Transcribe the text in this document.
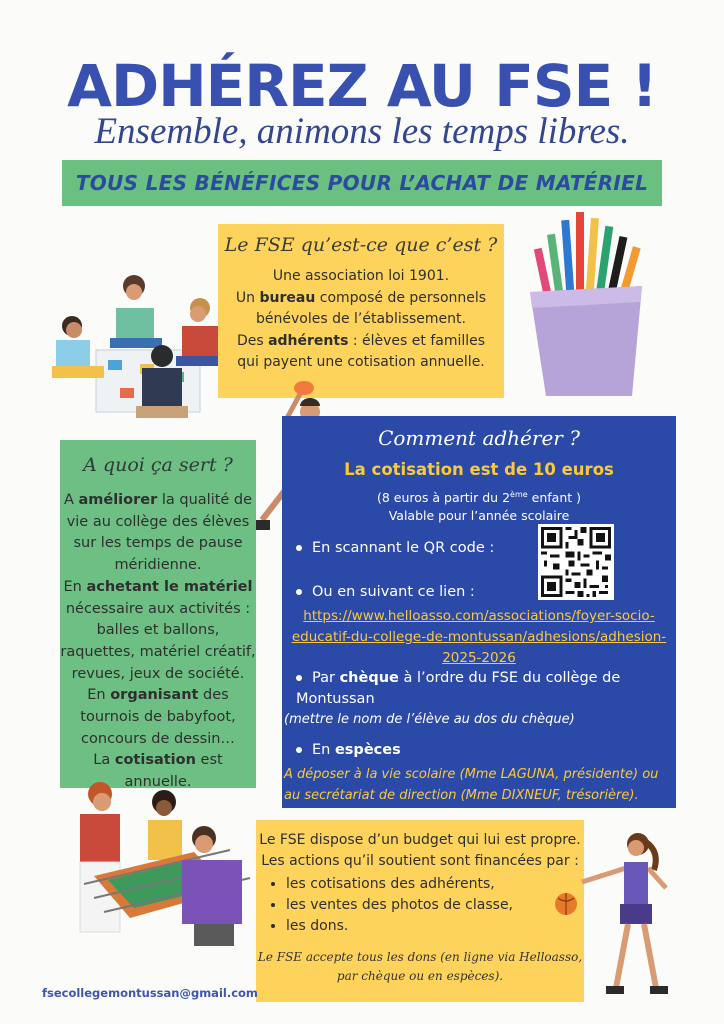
ADHÉREZ AU FSE !
Ensemble, animons les temps libres.
TOUS LES BÉNÉFICES POUR L’ACHAT DE MATÉRIEL
Le FSE qu’est-ce que c’est ?
Une association loi 1901.
Un bureau composé de personnels bénévoles de l’établissement.
Des adhérents : élèves et familles qui payent une cotisation annuelle.
A quoi ça sert ?
A améliorer la qualité de vie au collège des élèves sur les temps de pause méridienne.
En achetant le matériel nécessaire aux activités : balles et ballons, raquettes, matériel créatif, revues, jeux de société.
En organisant des tournois de babyfoot, concours de dessin…
La cotisation est annuelle.
Comment adhérer ?
La cotisation est de 10 euros
(8 euros à partir du 2ème enfant )
Valable pour l’année scolaire
En scannant le QR code :
Ou en suivant ce lien :
https://www.helloasso.com/associations/foyer-socio-educatif-du-college-de-montussan/adhesions/adhesion-2025-2026
Par chèque à l’ordre du FSE du collège de Montussan
(mettre le nom de l’élève au dos du chèque)
En espèces
A déposer à la vie scolaire (Mme LAGUNA, présidente) ou au secrétariat de direction (Mme DIXNEUF, trésorière).
Le FSE dispose d’un budget qui lui est propre. Les actions qu’il soutient sont financées par :
• les cotisations des adhérents,
• les ventes des photos de classe,
• les dons.
Le FSE accepte tous les dons (en ligne via Helloasso, par chèque ou en espèces).
fsecollegemontussan@gmail.com
